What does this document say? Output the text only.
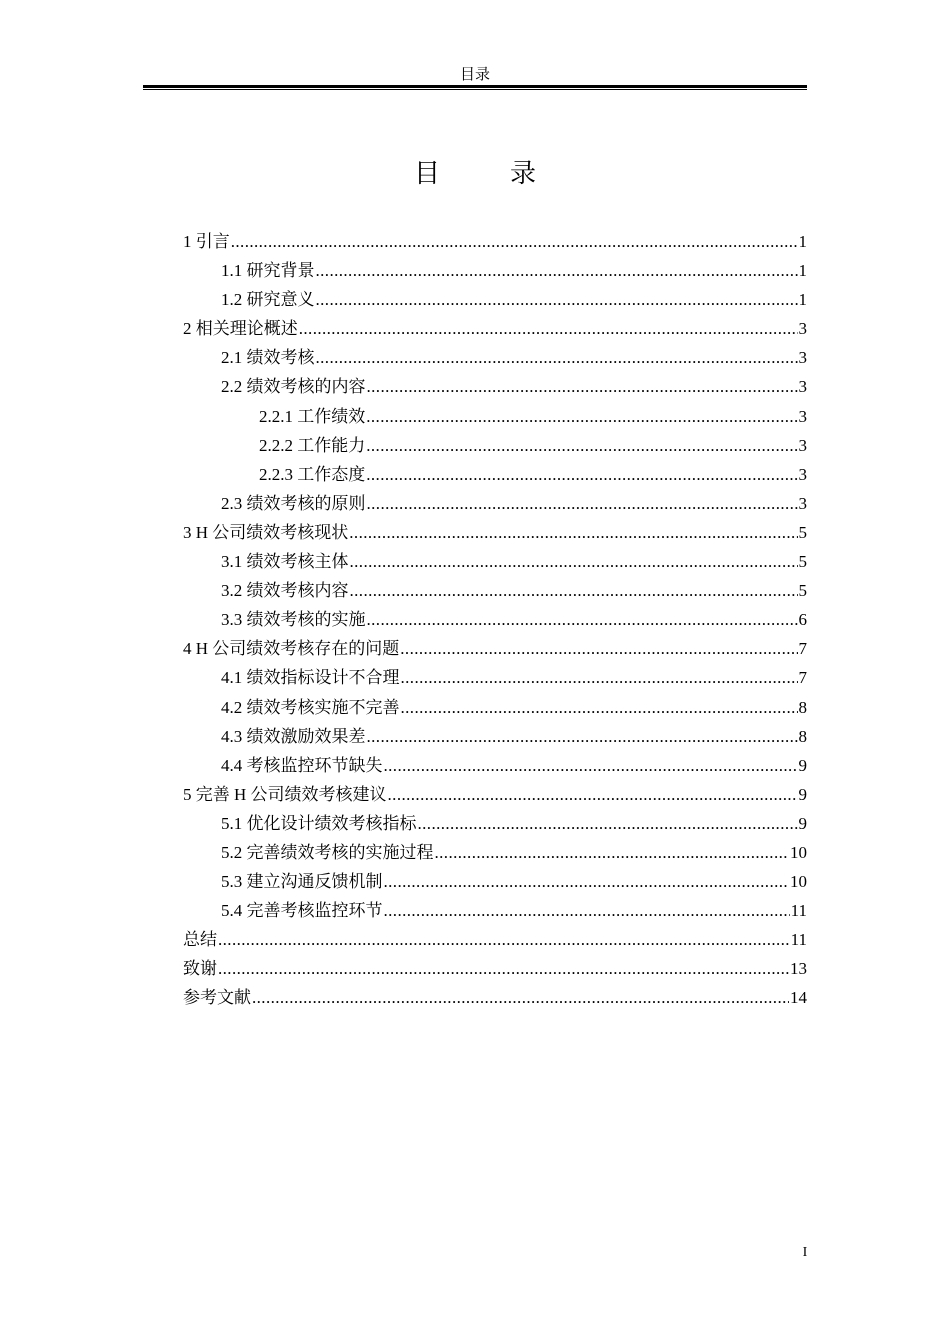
目录
目　录
1 引言 .....	1
1.1 研究背景 .....	1
1.2 研究意义 .....	1
2 相关理论概述 .....	3
2.1 绩效考核 .....	3
2.2 绩效考核的内容 .....	3
2.2.1 工作绩效 .....	3
2.2.2 工作能力 .....	3
2.2.3 工作态度 .....	3
2.3 绩效考核的原则 .....	3
3 H 公司绩效考核现状 .....	5
3.1 绩效考核主体 .....	5
3.2 绩效考核内容 .....	5
3.3 绩效考核的实施 .....	6
4 H 公司绩效考核存在的问题 .....	7
4.1 绩效指标设计不合理 .....	7
4.2 绩效考核实施不完善 .....	8
4.3 绩效激励效果差 .....	8
4.4 考核监控环节缺失 .....	9
5 完善 H 公司绩效考核建议 .....	9
5.1 优化设计绩效考核指标 .....	9
5.2 完善绩效考核的实施过程 .....	10
5.3 建立沟通反馈机制 .....	10
5.4 完善考核监控环节 .....	11
总结 .....	11
致谢 .....	13
参考文献 .....	14
I
